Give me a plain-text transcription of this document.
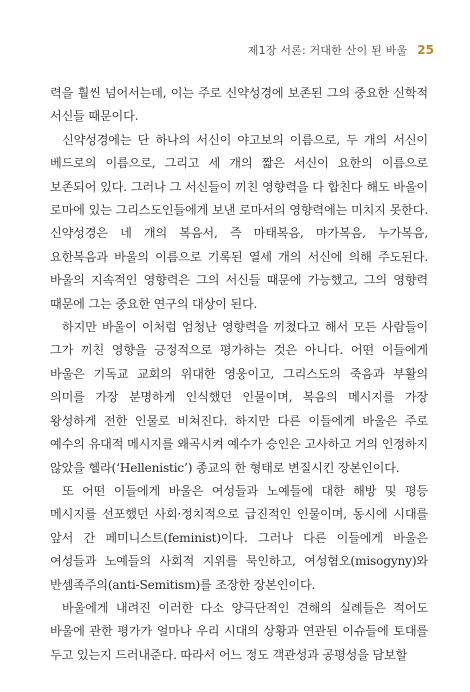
제1장 서론: 거대한 산이 된 바울 25

력을 훨씬 넘어서는데, 이는 주로 신약성경에 보존된 그의 중요한 신학적 서신들 때문이다.

신약성경에는 단 하나의 서신이 야고보의 이름으로, 두 개의 서신이 베드로의 이름으로, 그리고 세 개의 짧은 서신이 요한의 이름으로 보존되어 있다. 그러나 그 서신들이 끼친 영향력을 다 합친다 해도 바울이 로마에 있는 그리스도인들에게 보낸 로마서의 영향력에는 미치지 못한다. 신약성경은 네 개의 복음서, 즉 마태복음, 마가복음, 누가복음, 요한복음과 바울의 이름으로 기록된 열세 개의 서신에 의해 주도된다. 바울의 지속적인 영향력은 그의 서신들 때문에 가능했고, 그의 영향력 때문에 그는 중요한 연구의 대상이 된다.

하지만 바울이 이처럼 엄청난 영향력을 끼쳤다고 해서 모든 사람들이 그가 끼친 영향을 긍정적으로 평가하는 것은 아니다. 어떤 이들에게 바울은 기독교 교회의 위대한 영웅이고, 그리스도의 죽음과 부활의 의미를 가장 분명하게 인식했던 인물이며, 복음의 메시지를 가장 왕성하게 전한 인물로 비쳐진다. 하지만 다른 이들에게 바울은 주로 예수의 유대적 메시지를 왜곡시켜 예수가 승인은 고사하고 거의 인정하지 않았을 헬라(‘Hellenistic’) 종교의 한 형태로 변질시킨 장본인이다.

또 어떤 이들에게 바울은 여성들과 노예들에 대한 해방 및 평등 메시지를 선포했던 사회·정치적으로 급진적인 인물이며, 동시에 시대를 앞서 간 페미니스트(feminist)이다. 그러나 다른 이들에게 바울은 여성들과 노예들의 사회적 지위를 묵인하고, 여성혐오(misogyny)와 반셈족주의(anti-Semitism)를 조장한 장본인이다.

바울에게 내려진 이러한 다소 양극단적인 견해의 실례들은 적어도 바울에 관한 평가가 얼마나 우리 시대의 상황과 연관된 이슈들에 토대를 두고 있는지 드러내준다. 따라서 어느 정도 객관성과 공평성을 담보할
